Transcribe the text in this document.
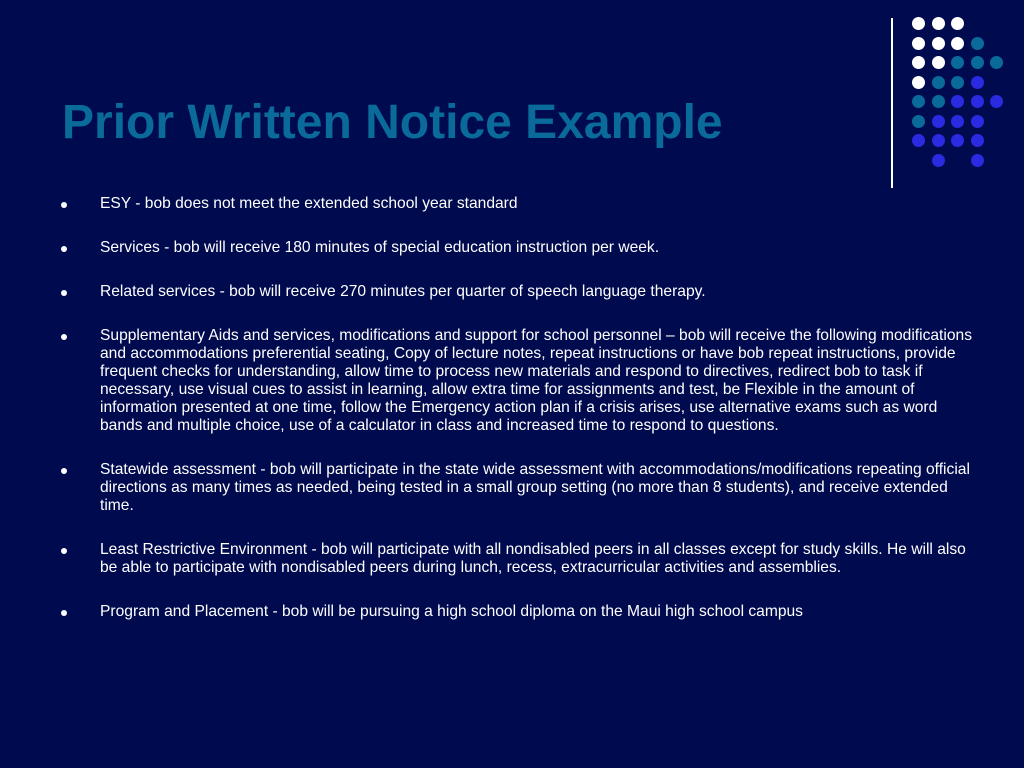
Prior Written Notice Example
ESY - bob does not meet the extended school year standard
Services - bob will receive 180 minutes of special education instruction per week.
Related services - bob will receive 270 minutes per quarter of speech language therapy.
Supplementary Aids and services, modifications and support for school personnel – bob will receive the following modifications and accommodations preferential seating, Copy of lecture notes, repeat instructions or have bob repeat instructions, provide frequent checks for understanding, allow time to process new materials and respond to directives, redirect bob to task if necessary, use visual cues to assist in learning, allow extra time for assignments and test, be Flexible in the amount of information presented at one time, follow the Emergency action plan if a crisis arises, use alternative exams such as word bands and multiple choice, use of a calculator in class and increased time to respond to questions.
Statewide assessment - bob will participate in the state wide assessment with accommodations/modifications repeating official directions as many times as needed, being tested in a small group setting (no more than 8 students), and receive extended time.
Least Restrictive Environment - bob will participate with all nondisabled peers in all classes except for study skills. He will also be able to participate with nondisabled peers during lunch, recess, extracurricular activities and assemblies.
Program and Placement - bob will be pursuing a high school diploma on the Maui high school campus
